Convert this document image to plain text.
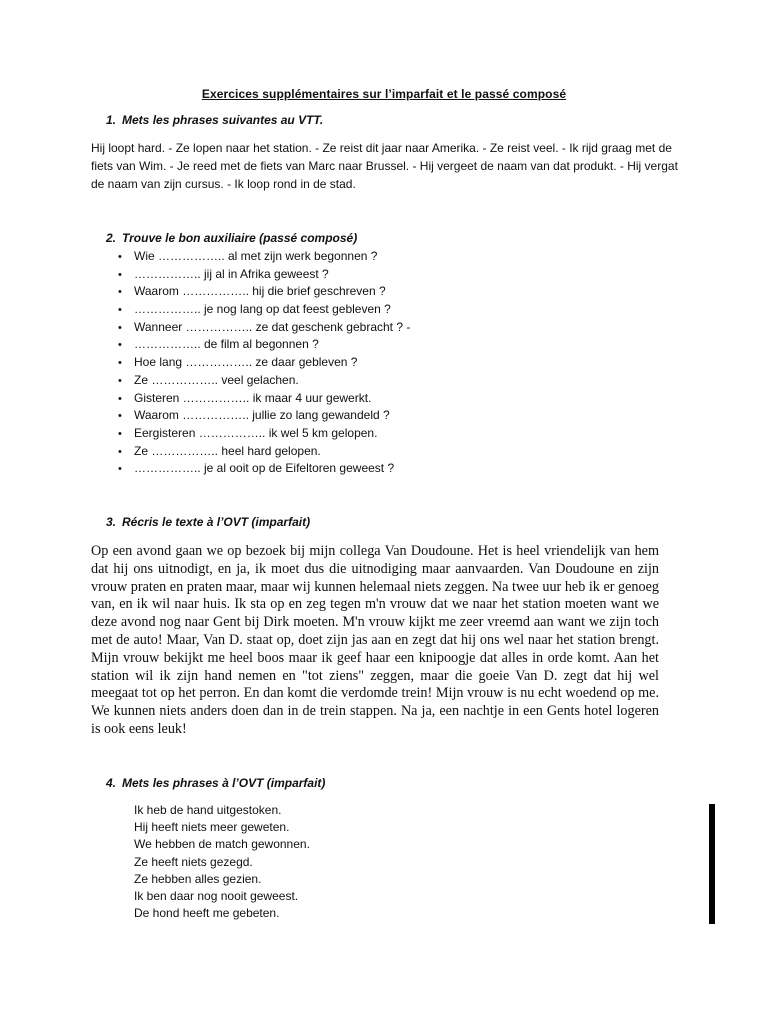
Exercices supplémentaires sur l’imparfait et le passé composé
1. Mets les phrases suivantes au VTT.
Hij loopt hard. - Ze lopen naar het station. - Ze reist dit jaar naar Amerika. - Ze reist veel. - Ik rijd graag met de fiets van Wim. - Je reed met de fiets van Marc naar Brussel. - Hij vergeet de naam van dat produkt. - Hij vergat de naam van zijn cursus. - Ik loop rond in de stad.
2. Trouve le bon auxiliaire (passé composé)
• Wie …………….. al met zijn werk begonnen ?
• …………….. jij al in Afrika geweest ?
• Waarom …………….. hij die brief geschreven ?
• …………….. je nog lang op dat feest gebleven ?
• Wanneer …………….. ze dat geschenk gebracht ? -
• …………….. de film al begonnen ?
• Hoe lang …………….. ze daar gebleven ?
• Ze …………….. veel gelachen.
• Gisteren …………….. ik maar 4 uur gewerkt.
• Waarom …………….. jullie zo lang gewandeld ?
• Eergisteren …………….. ik wel 5 km gelopen.
• Ze …………….. heel hard gelopen.
• …………….. je al ooit op de Eifeltoren geweest ?
3. Récris le texte à l’OVT (imparfait)
Op een avond gaan we op bezoek bij mijn collega Van Doudoune. Het is heel vriendelijk van hem dat hij ons uitnodigt, en ja, ik moet dus die uitnodiging maar aanvaarden. Van Doudoune en zijn vrouw praten en praten maar, maar wij kunnen helemaal niets zeggen. Na twee uur heb ik er genoeg van, en ik wil naar huis. Ik sta op en zeg tegen m'n vrouw dat we naar het station moeten want we deze avond nog naar Gent bij Dirk moeten. M'n vrouw kijkt me zeer vreemd aan want we zijn toch met de auto! Maar, Van D. staat op, doet zijn jas aan en zegt dat hij ons wel naar het station brengt. Mijn vrouw bekijkt me heel boos maar ik geef haar een knipoogje dat alles in orde komt. Aan het station wil ik zijn hand nemen en "tot ziens" zeggen, maar die goeie Van D. zegt dat hij wel meegaat tot op het perron. En dan komt die verdomde trein! Mijn vrouw is nu echt woedend op me. We kunnen niets anders doen dan in de trein stappen. Na ja, een nachtje in een Gents hotel logeren is ook eens leuk!
4. Mets les phrases à l’OVT (imparfait)
Ik heb de hand uitgestoken.
Hij heeft niets meer geweten.
We hebben de match gewonnen.
Ze heeft niets gezegd.
Ze hebben alles gezien.
Ik ben daar nog nooit geweest.
De hond heeft me gebeten.
